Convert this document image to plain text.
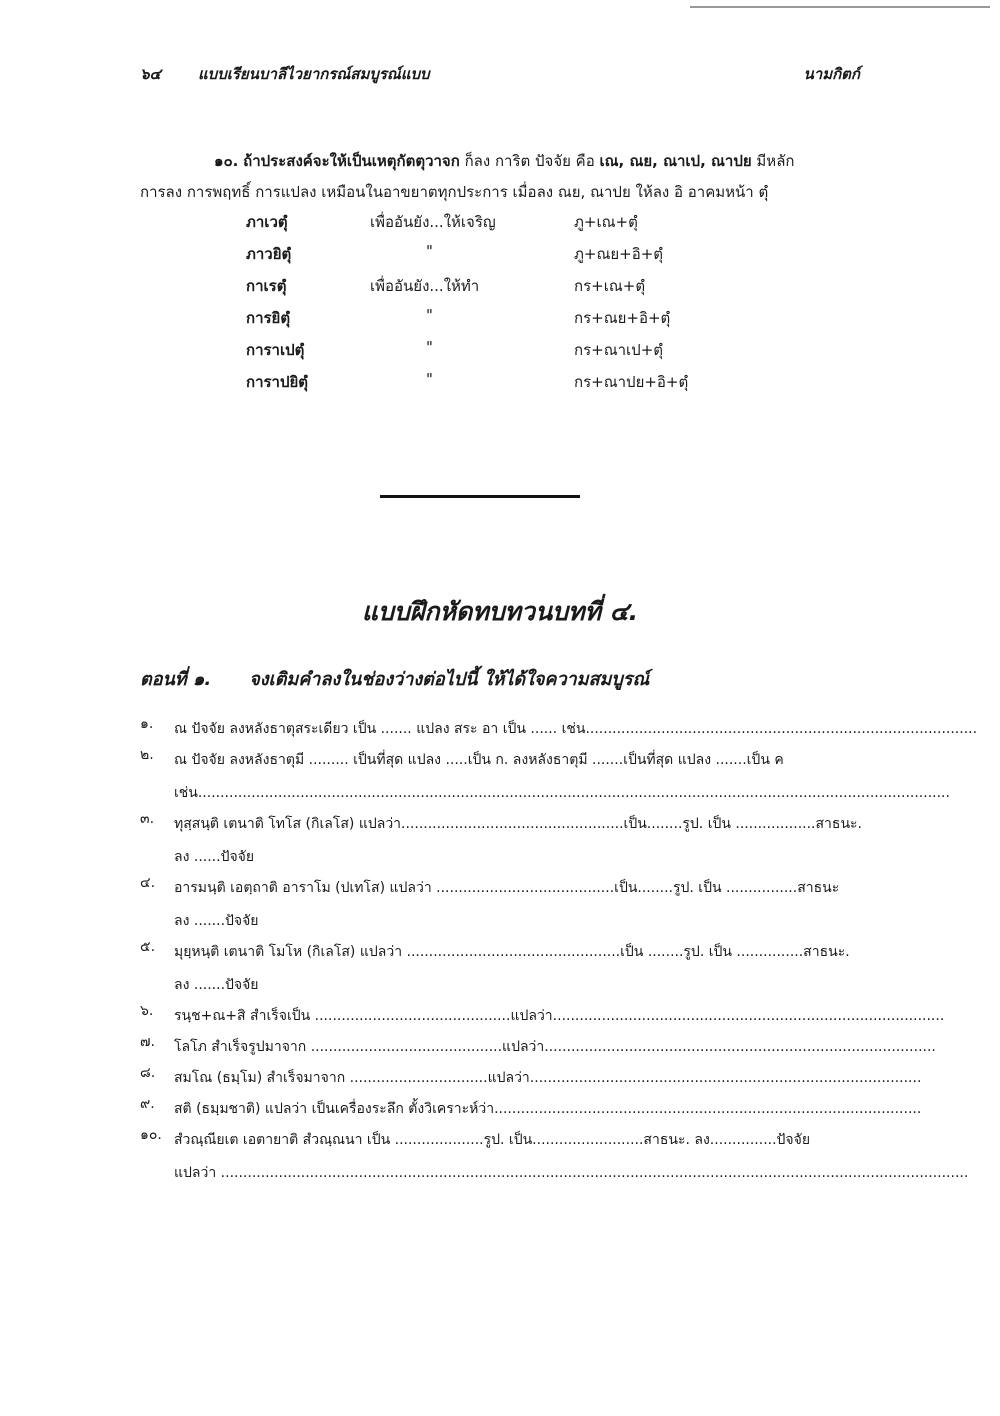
๖๔ แบบเรียนบาลีไวยากรณ์สมบูรณ์แบบ	นามกิตก์
๑๐. ถ้าประสงค์จะให้เป็นเหตุกัตตุวาจก ก็ลง การิต ปัจจัย คือ เณ, ณย, ณาเป, ณาปย มีหลัก
การลง การพฤทธิ์ การแปลง เหมือนในอาขยาตทุกประการ เมื่อลง ณย, ณาปย ให้ลง อิ อาคมหน้า ตุํ
ภาเวตุํ	เพื่ออันยัง...ให้เจริญ	ภู+เณ+ตุํ
ภาวยิตุํ	"	ภู+ณย+อิ+ตุํ
กาเรตุํ	เพื่ออันยัง...ให้ทำ	กร+เณ+ตุํ
การยิตุํ	"	กร+ณย+อิ+ตุํ
การาเปตุํ	"	กร+ณาเป+ตุํ
การาปยิตุํ	"	กร+ณาปย+อิ+ตุํ
แบบฝึกหัดทบทวนบทที่ ๔.
ตอนที่ ๑. จงเติมคำลงในช่องว่างต่อไปนี้ ให้ได้ใจความสมบูรณ์
๑. ณ ปัจจัย ลงหลังธาตุสระเดียว เป็น ....... แปลง สระ อา เป็น ...... เช่น........................................................................................
๒. ณ ปัจจัย ลงหลังธาตุมี ......... เป็นที่สุด แปลง .....เป็น ก. ลงหลังธาตุมี .......เป็นที่สุด แปลง .......เป็น ค
เช่น.........................................................................................................................................................................
๓. ทุสฺสนฺติ เตนาติ โทโส (กิเลโส) แปลว่า..................................................เป็น........รูป. เป็น ..................สาธนะ.
ลง ......ปัจจัย
๔. อารมนฺติ เอตฺถาติ อาราโม (ปเทโส) แปลว่า ........................................เป็น........รูป. เป็น ................สาธนะ
ลง .......ปัจจัย
๕. มุยฺหนฺติ เตนาติ โมโห (กิเลโส) แปลว่า ................................................เป็น ........รูป. เป็น ...............สาธนะ.
ลง .......ปัจจัย
๖. รนฺช+ณ+สิ สำเร็จเป็น ............................................แปลว่า........................................................................................
๗. โลโภ สำเร็จรูปมาจาก ...........................................แปลว่า........................................................................................
๘. สมโณ (ธมฺโม) สำเร็จมาจาก ...............................แปลว่า........................................................................................
๙. สติ (ธมฺมชาติ) แปลว่า เป็นเครื่องระลึก ตั้งวิเคราะห์ว่า................................................................................................
๑๐. สํวณฺณียเต เอตายาติ สํวณฺณนา เป็น ....................รูป. เป็น.........................สาธนะ. ลง...............ปัจจัย
แปลว่า ........................................................................................................................................................................
